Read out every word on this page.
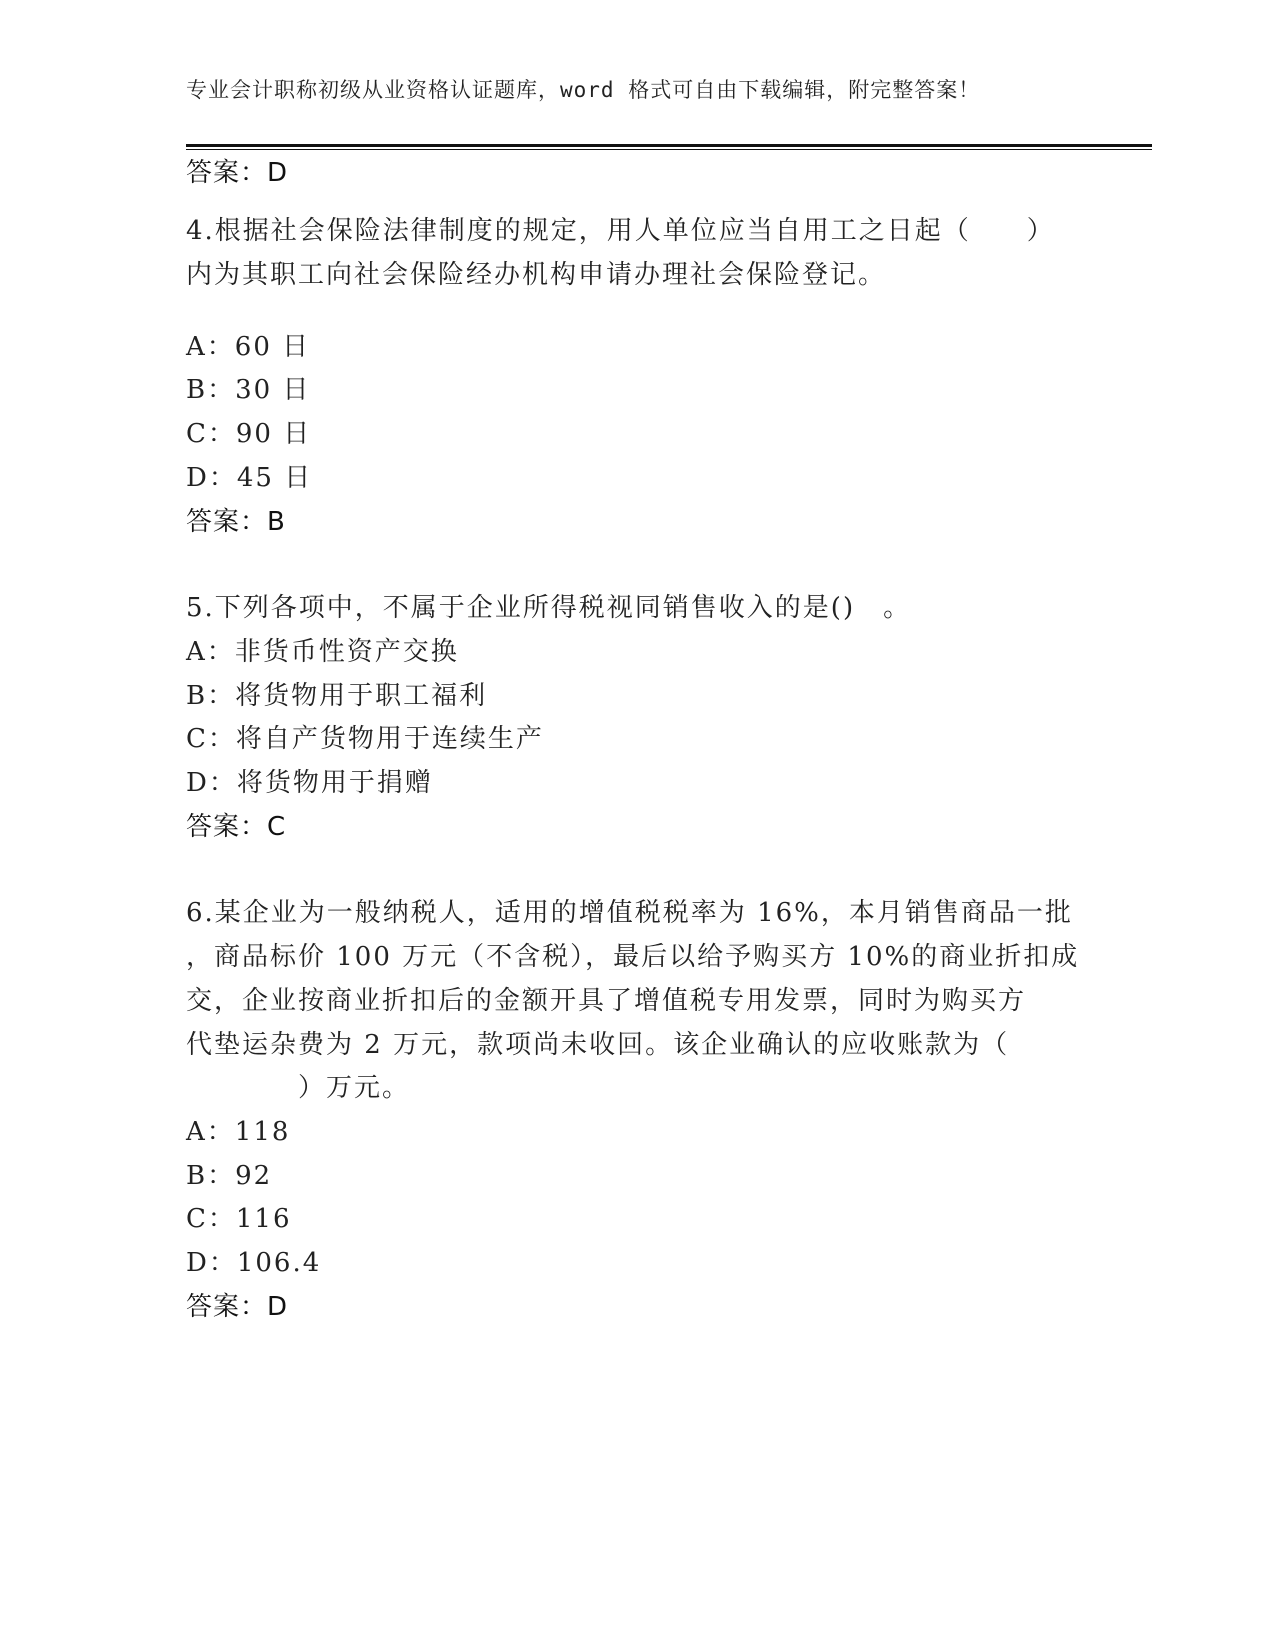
专业会计职称初级从业资格认证题库，word 格式可自由下载编辑，附完整答案！
答案：D
4.根据社会保险法律制度的规定，用人单位应当自用工之日起（　　）
内为其职工向社会保险经办机构申请办理社会保险登记。
A：60 日
B：30 日
C：90 日
D：45 日
答案：B
5.下列各项中，不属于企业所得税视同销售收入的是()　。
A：非货币性资产交换
B：将货物用于职工福利
C：将自产货物用于连续生产
D：将货物用于捐赠
答案：C
6.某企业为一般纳税人，适用的增值税税率为 16%，本月销售商品一批
，商品标价 100 万元（不含税），最后以给予购买方 10%的商业折扣成
交，企业按商业折扣后的金额开具了增值税专用发票，同时为购买方
代垫运杂费为 2 万元，款项尚未收回。该企业确认的应收账款为（
　　　　）万元。
A：118
B：92
C：116
D：106.4
答案：D
